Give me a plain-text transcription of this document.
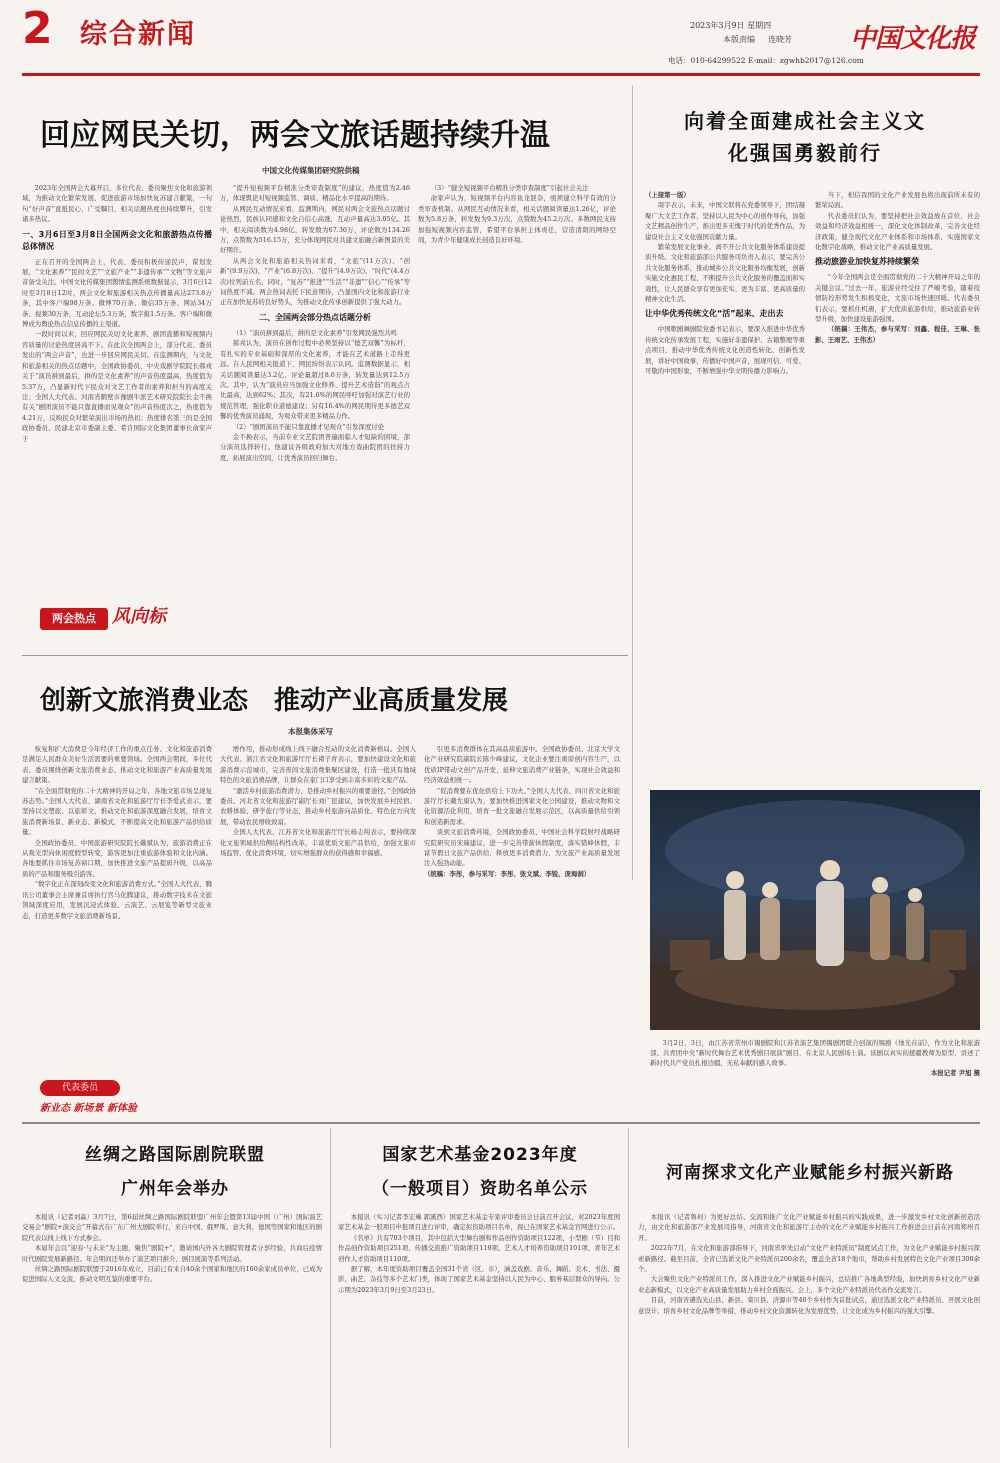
2 综合新闻	2023年3月9日 星期四
本版责编 连晓芳
电话：010-64299522 E-mail：zgwhb2017@126.com
中国文化报
回应网民关切，两会文旅话题持续升温
中国文化传媒集团研究院供稿

2023年全国两会大幕开启，多位代表、委员聚焦文化和旅游领域，为推动文化繁荣发展、促进旅游市场加快复苏建言献策，一句句“好声音”直抵民心，广受瞩目，相关话题热度也持续攀升，引发诸多热议。

一、3月6日至3月8日全国两会文化和旅游热点传播总体情况

正在召开的全国两会上，代表、委员积极传递民声，谋划发展，“文化素养”“民间文艺”“文旅产业”“非遗传承”“文物”等文旅声音备受关注。中国文化传媒集团舆情监测系统数据显示，3月6日12时至3月8日12时，两会文化和旅游相关热点传播量高达273.8万条，其中客户端98万条、微博70万条、微信35万条、网站34万条、视频30万条，互动论坛5.3万条，数字报1.5万条。客户端和微博成为舆论热点信息传播的主渠道。

一段时间以来，回应网民关切文化素养、剧团直播和短视频内容质量的讨论热度居高不下。在此次全国两会上，部分代表、委员发出的“两会声音”，也进一步回应网民关切。在监测期内，与文化和旅游相关的热点话题中，全国政协委员、中央戏剧学院院长郝戎关于“演员拼到最后，拼的是文化素养”的声音热度最高，热度值为5.37万，凸显新时代下民众对文艺工作者的素养和担当的高度关注；全国人大代表、河南省鹤壁市豫剧牛派艺术研究院院长金不换有关“剧团演员不能只靠直播而见观众”的声音热度次之，热度值为4.21万，反映民众对繁荣演出市场的热切；热度排名第三的是全国政协委员、民建北京市委副主委、希肯国际文化集团董事长俞家声于

两会热点 风向标

“提升短视频平台精准分类审查制度”的建议，热度值为2.46万，体现舆论对短视频监管、调质、精品化水平提高的期待。

从网民互动情况来看，监测期内，网民对两会文旅热点话题讨论热烈，民族认同感和文化自信心高涨，互动声量高达3.05亿。其中，相关阅读数为4.98亿，转发数为67.36万，评论数为134.26万，点赞数为516.15万，充分体现网民对共建文旅融合新图景的美好期许。

从两会文化和旅游相关热词来看，“文旅”(11万次)、“创新”(9.9万次)、“产业”(6.8万次)、“提升”(4.9万次)、“时代”(4.4万次)位列前五名，同时，“复苏”“推进”“生活”“非遗”“信心”“传承”等词热度不减。两会热词表托下民意期待，凸显国内文化和旅游行业正在加快复苏的良好势头，为推动文化传承创新提供了强大动力。

二、全国两会部分热点话题分析

（1）“演员拼到最后，拼的是文化素养”引发网民强烈共鸣

郝戎认为，演员在创作过程中必须坚持以“德艺双馨”为标杆，有扎实的专业基础和深厚的文化素养，才能在艺术道路上走得更远。在人民网相关报道下，网民纷纷表示认同。监测数据显示，相关话题阅读量达3.2亿，评论量超过8.6万条，转发量达到12.5万次。其中，认为“演员应当加强文化修养、提升艺术造诣”的观点占比最高，达到62%；其次，有21.6%的网民呼吁加强对演艺行业的规范管理，强化职业道德建设；另有16.4%的网民期待更多德艺双馨的优秀演员涌现，为观众带来更多精品力作。

（2）“剧团演员不能只靠直播才见观众”引发深度讨论

金不换表示，当前专业文艺院团普遍面临人才短缺的困境，部分演员选择转行。他建议各级政府加大对地方戏曲院团的扶持力度，拓展演出空间，让优秀演员回归舞台。

（3）“健全短视频平台精准分类审查制度”引起社会关注

俞家声认为，短视频平台内容鱼龙混杂，亟须建立科学有效的分类审查机制。从网民互动情况来看，相关话题阅读量达1.26亿，评论数为5.8万条，转发数为9.3万次，点赞数为45.2万次。多数网民支持加强短视频内容监管，希望平台承担主体责任，营造清朗的网络空间，为青少年健康成长创造良好环境。

创新文旅消费业态　推动产业高质量发展
本报集体采写

恢复和扩大消费是今年经济工作的重点任务。文化和旅游消费是满足人民群众美好生活需要的重要领域。全国两会期间，多位代表、委员围绕创新文旅消费业态、推动文化和旅游产业高质量发展建言献策。

“在全面贯彻党的二十大精神的开局之年，各地文旅市场呈现复苏态势。”全国人大代表、湖南省文化和旅游厅厅长李爱武表示，要坚持以文塑旅、以旅彰文，推动文化和旅游深度融合发展，培育文旅消费新场景、新业态、新模式，不断提高文化和旅游产品供给质量。

全国政协委员、中国旅游研究院院长戴斌认为，旅游消费正在从观光型向休闲度假型转变，游客更加注重旅游体验和文化内涵。各地要抓住市场复苏窗口期，加快推进文旅产品提质升级，以高品质的产品和服务吸引游客。

“数字化正在深刻改变文化和旅游消费方式。”全国人大代表、腾讯公司董事会主席兼首席执行官马化腾建议，推动数字技术在文旅领域深度应用，发展沉浸式体验、云演艺、云展览等新型文旅业态，打造更多数字文旅消费新场景。

代表委员
新业态 新场景 新体验

增作用，推动形成线上线下融合互动的文化消费新格局。全国人大代表、浙江省文化和旅游厅厅长褚子育表示，要加快建设文化和旅游消费示范城市，完善夜间文旅消费集聚区建设，打造一批具有地域特色的文旅消费品牌，让群众在家门口享受到丰富多彩的文旅产品。

“激活乡村旅游消费潜力，是推动乡村振兴的重要途径。”全国政协委员、河北省文化和旅游厅副厅长刘广昆建议，加快发展乡村民宿、农耕体验、研学旅行等业态，推动乡村旅游向品质化、特色化方向发展，带动农民增收致富。

全国人大代表、江苏省文化和旅游厅厅长杨志纯表示，要持续深化文旅领域供给侧结构性改革，丰富优质文旅产品供给，加强文旅市场监管，优化消费环境，切实增强群众的获得感和幸福感。

引更多消费群体在其高品质旅游中。全国政协委员、北京大学文化产业研究院副院长陈少峰建议，文化企业要注重原创内容生产，以优质IP带动文创产品开发，延伸文旅消费产业链条，实现社会效益和经济效益相统一。

“促消费要在优化供给上下功夫。”全国人大代表、四川省文化和旅游厅厅长戴允康认为，要加快推进国家文化公园建设，推动文物和文化资源活化利用，培育一批文旅融合发展示范区，以高质量供给引领和创造新需求。

谈到文旅消费环境，全国政协委员、中国社会科学院财经战略研究院研究员宋瑞建议，进一步完善带薪休假制度，落实错峰休假，丰富节假日文旅产品供给，释放更多消费潜力，为文旅产业高质量发展注入强劲动能。

（统稿：李彤，参与采写：李彤、张文斌、李锐、庞海洞）

向着全面建成社会主义文化强国勇毅前行

（上接第一版）

周宇表示，未来，中国文联将在党委领导下，团结凝聚广大文艺工作者，坚持以人民为中心的创作导向，加强文艺精品创作生产，推出更多无愧于时代的优秀作品，为建设社会主义文化强国贡献力量。

繁荣发展文化事业，离不开公共文化服务体系建设提质升级。文化和旅游部公共服务司负责人表示，要完善公共文化服务体系，推动城乡公共文化服务均衡发展，创新实施文化惠民工程，不断提升公共文化服务的覆盖面和实效性，让人民群众享有更加充实、更为丰富、更高质量的精神文化生活。

让中华优秀传统文化“活”起来、走出去

中国歌剧舞剧院党委书记表示，要深入推进中华优秀传统文化传承发展工程，实施好非遗保护、古籍整理等重点项目，推动中华优秀传统文化创造性转化、创新性发展，讲好中国故事，传播好中国声音，展现可信、可爱、可敬的中国形象，不断增强中华文明传播力影响力。

当下，相信我国的文化产业发展也将出现前所未有的繁荣局面。

代表委员们认为，要坚持把社会效益放在首位、社会效益和经济效益相统一，深化文化体制改革，完善文化经济政策，健全现代文化产业体系和市场体系，实施国家文化数字化战略，推动文化产业高质量发展。

推动旅游业加快复苏持续繁荣

“今年全国两会是全面贯彻党的二十大精神开局之年的关键会议。”过去一年，旅游业经受住了严峻考验，随着疫情防控形势发生积极变化，文旅市场快速回暖。代表委员们表示，要抓住机遇，扩大优质旅游供给，推动旅游业转型升级，加快建设旅游强国。

（统稿：王伟杰，参与采写：刘鑫、程佳、王琳、张影、王雨艺、王伟杰）

3月2日、3日，由江苏省常州市锡剧院和江苏省演艺集团锡剧团联合创演的锡剧《烛光在前》，作为文化和旅游部、共青团中央“新时代舞台艺术优秀剧目展演”剧目，在北京人民剧场上演。该剧以真实的援疆教师为原型，讲述了新时代共产党员扎根边疆、无私奉献的感人故事。

本报记者 尹旭 摄

丝绸之路国际剧院联盟
广州年会举办

本报讯（记者刘淼）3月7日，第6届丝绸之路国际剧院联盟广州年会暨第13届中国（广州）国际演艺交易会“剧院+演交会”开幕式在广东广州大剧院举行，来自中国、俄罗斯、意大利、德国等国家和地区的剧院代表以线上线下方式参会。

本届年会以“迎春·与未来”为主题，聚焦“剧院+”，邀请国内外各大剧院管理者分享经验，共商后疫情时代剧院发展新路径。年会期间还举办了演艺项目推介、剧目展演等系列活动。

丝绸之路国际剧院联盟于2016年成立，目前已有来自40余个国家和地区的160余家成员单位，已成为促进国际人文交流、推动文明互鉴的重要平台。

国家艺术基金2023年度
（一般项目）资助名单公示

本报讯（实习记者李宏琳 郭溪西）国家艺术基金专家评审委员会日前召开会议，对2023年度国家艺术基金一般项目申报项目进行评审，确定拟资助项目名单，现已在国家艺术基金官网进行公示。

《名单》共有703个项目，其中包括大型舞台剧和作品创作资助项目122项、小型剧（节）目和作品创作资助项目251项、传播交流推广资助项目119项、艺术人才培养资助项目101项、青年艺术创作人才资助项目110项。

据了解，本年度资助项目覆盖全国31个省（区、市），涵盖戏剧、音乐、舞蹈、美术、书法、摄影、曲艺、杂技等多个艺术门类，体现了国家艺术基金坚持以人民为中心、服务基层群众的导向。公示期为2023年3月9日至3月23日。

河南探求文化产业赋能乡村振兴新路

本报讯（记者鲁珂）为更好总结、交流和推广文化产业赋能乡村振兴的实践成果，进一步激发乡村文化创新创造活力，由文化和旅游部产业发展司指导，河南省文化和旅游厅主办的文化产业赋能乡村振兴工作推进会日前在河南郑州召开。

2022年7月，在文化和旅游部指导下，河南省率先启动“文化产业特派员”制度试点工作，为文化产业赋能乡村振兴探索新路径。截至目前，全省已选派文化产业特派员200余名，覆盖全省18个地市，帮助乡村发展特色文化产业项目300余个。

大会聚焦文化产业特派员工作，深入推进文化产业赋能乡村振兴，总结推广各地典型经验，加快培育乡村文化产业新业态新模式，以文化产业高质量发展助力乡村全面振兴。会上，多个文化产业特派员代表作交流发言。

目前，河南省遴选光山县、新县、栾川县、济源市等40个乡村作为首批试点，通过选派文化产业特派员、开展文化创意设计、培育乡村文化品牌等举措，推动乡村文化资源转化为发展优势，让文化成为乡村振兴的强大引擎。
